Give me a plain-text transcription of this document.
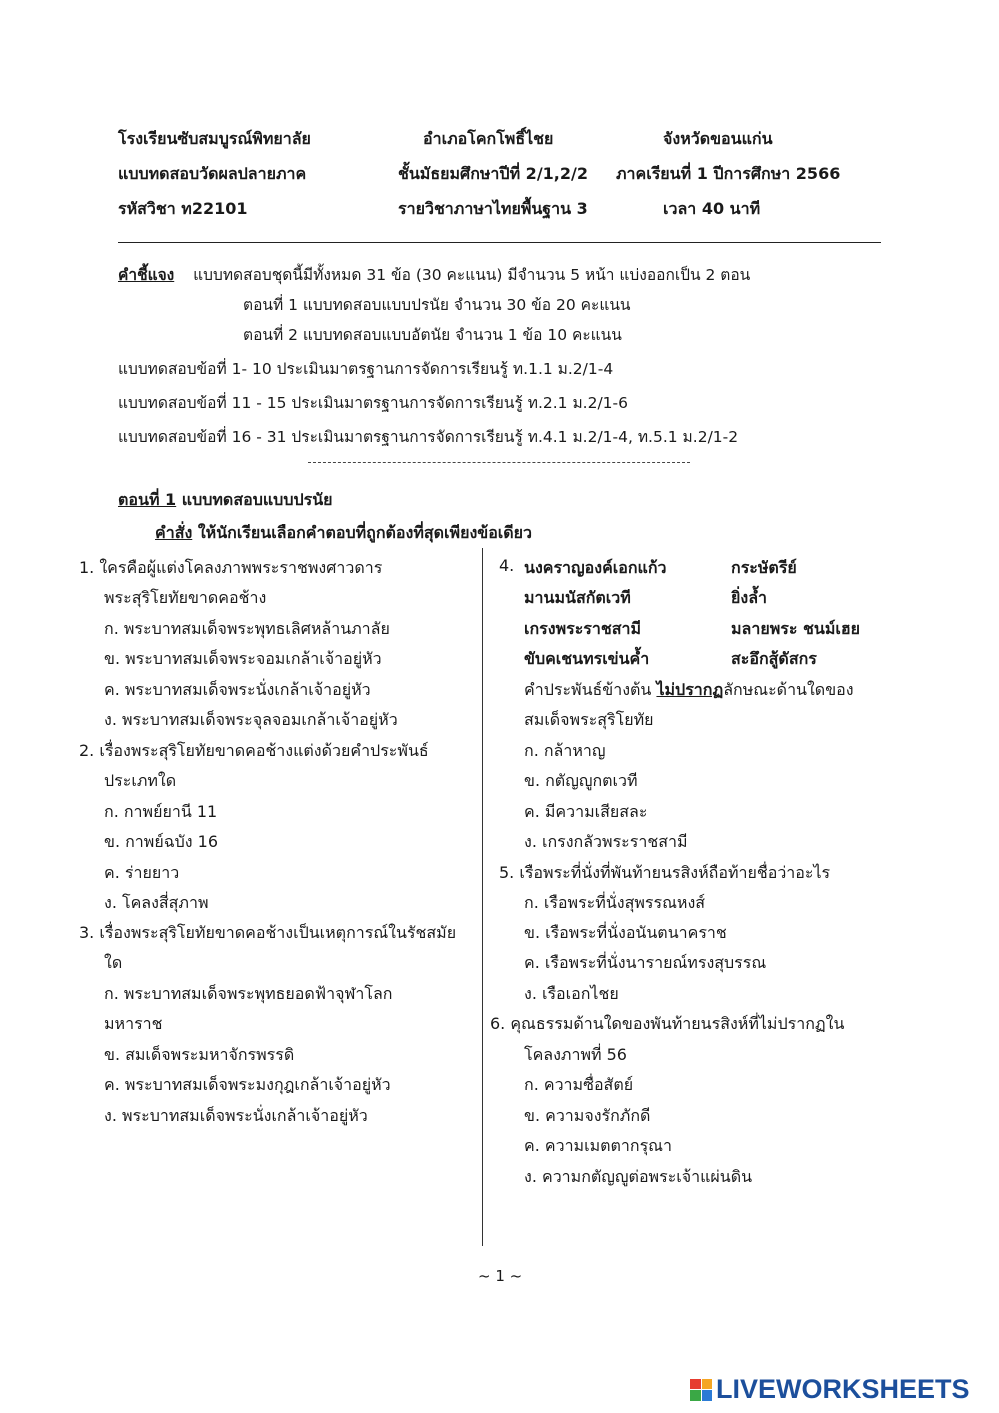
โรงเรียนซับสมบูรณ์พิทยาลัย	อำเภอโคกโพธิ์ไชย	จังหวัดขอนแก่น
แบบทดสอบวัดผลปลายภาค	ชั้นมัธยมศึกษาปีที่ 2/1,2/2 ภาคเรียนที่ 1 ปีการศึกษา 2566
รหัสวิชา ท22101	รายวิชาภาษาไทยพื้นฐาน 3	เวลา 40 นาที
คำชี้แจง แบบทดสอบชุดนี้มีทั้งหมด 31 ข้อ (30 คะแนน) มีจำนวน 5 หน้า แบ่งออกเป็น 2 ตอน
ตอนที่ 1 แบบทดสอบแบบปรนัย จำนวน 30 ข้อ 20 คะแนน
ตอนที่ 2 แบบทดสอบแบบอัตนัย จำนวน 1 ข้อ 10 คะแนน
แบบทดสอบข้อที่ 1- 10 ประเมินมาตรฐานการจัดการเรียนรู้ ท.1.1 ม.2/1-4
แบบทดสอบข้อที่ 11 - 15 ประเมินมาตรฐานการจัดการเรียนรู้ ท.2.1 ม.2/1-6
แบบทดสอบข้อที่ 16 - 31 ประเมินมาตรฐานการจัดการเรียนรู้ ท.4.1 ม.2/1-4, ท.5.1 ม.2/1-2
ตอนที่ 1 แบบทดสอบแบบปรนัย
คำสั่ง ให้นักเรียนเลือกคำตอบที่ถูกต้องที่สุดเพียงข้อเดียว
1. ใครคือผู้แต่งโคลงภาพพระราชพงศาวดาร
พระสุริโยทัยขาดคอช้าง
ก. พระบาทสมเด็จพระพุทธเลิศหล้านภาลัย
ข. พระบาทสมเด็จพระจอมเกล้าเจ้าอยู่หัว
ค. พระบาทสมเด็จพระนั่งเกล้าเจ้าอยู่หัว
ง. พระบาทสมเด็จพระจุลจอมเกล้าเจ้าอยู่หัว
2. เรื่องพระสุริโยทัยขาดคอช้างแต่งด้วยคำประพันธ์
ประเภทใด
ก. กาพย์ยานี 11
ข. กาพย์ฉบัง 16
ค. ร่ายยาว
ง. โคลงสี่สุภาพ
3. เรื่องพระสุริโยทัยขาดคอช้างเป็นเหตุการณ์ในรัชสมัย
ใด
ก. พระบาทสมเด็จพระพุทธยอดฟ้าจุฬาโลก
มหาราช
ข. สมเด็จพระมหาจักรพรรดิ
ค. พระบาทสมเด็จพระมงกุฎเกล้าเจ้าอยู่หัว
ง. พระบาทสมเด็จพระนั่งเกล้าเจ้าอยู่หัว
4. นงคราญองค์เอกแก้ว	กระษัตรีย์
มานมนัสกัตเวที	ยิ่งล้ำ
เกรงพระราชสามี	มลายพระ ชนม์เฮย
ขับคเชนทรเข่นค้ำ	สะอึกสู้ดัสกร
คำประพันธ์ข้างต้น ไม่ปรากฏลักษณะด้านใดของ
สมเด็จพระสุริโยทัย
ก. กล้าหาญ
ข. กตัญญูกตเวที
ค. มีความเสียสละ
ง. เกรงกลัวพระราชสามี
5. เรือพระที่นั่งที่พันท้ายนรสิงห์ถือท้ายชื่อว่าอะไร
ก. เรือพระที่นั่งสุพรรณหงส์
ข. เรือพระที่นั่งอนันตนาคราช
ค. เรือพระที่นั่งนารายณ์ทรงสุบรรณ
ง. เรือเอกไชย
6. คุณธรรมด้านใดของพันท้ายนรสิงห์ที่ไม่ปรากฏใน
โคลงภาพที่ 56
ก. ความซื่อสัตย์
ข. ความจงรักภักดี
ค. ความเมตตากรุณา
ง. ความกตัญญูต่อพระเจ้าแผ่นดิน
~ 1 ~
LIVEWORKSHEETS
